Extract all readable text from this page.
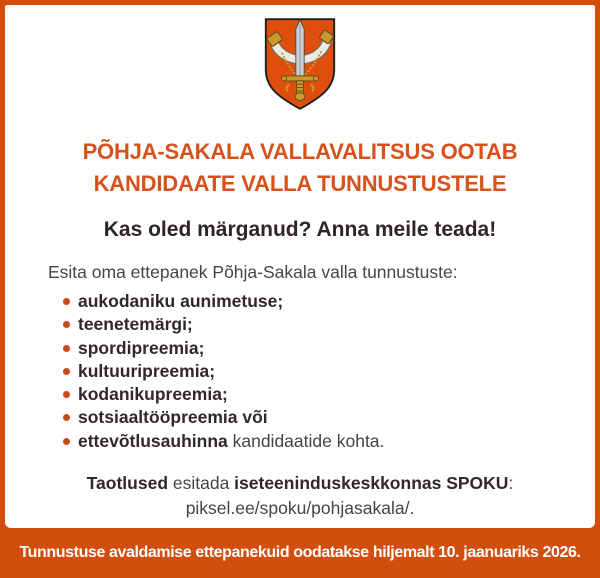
PÕHJA-SAKALA VALLAVALITSUS OOTAB
KANDIDAATE VALLA TUNNUSTUSTELE
Kas oled märganud? Anna meile teada!

Esita oma ettepanek Põhja-Sakala valla tunnustuste:

aukodaniku aunimetuse;
teenetemärgi;
spordipreemia;
kultuuripreemia;
kodanikupreemia;
sotsiaaltööpreemia või
ettevõtlusauhinna kandidaatide kohta.

Taotlused esitada iseteeninduskeskkonnas SPOKU:
piksel.ee/spoku/pohjasakala/.

Tunnustuse avaldamise ettepanekuid oodatakse hiljemalt 10. jaanuariks 2026.
